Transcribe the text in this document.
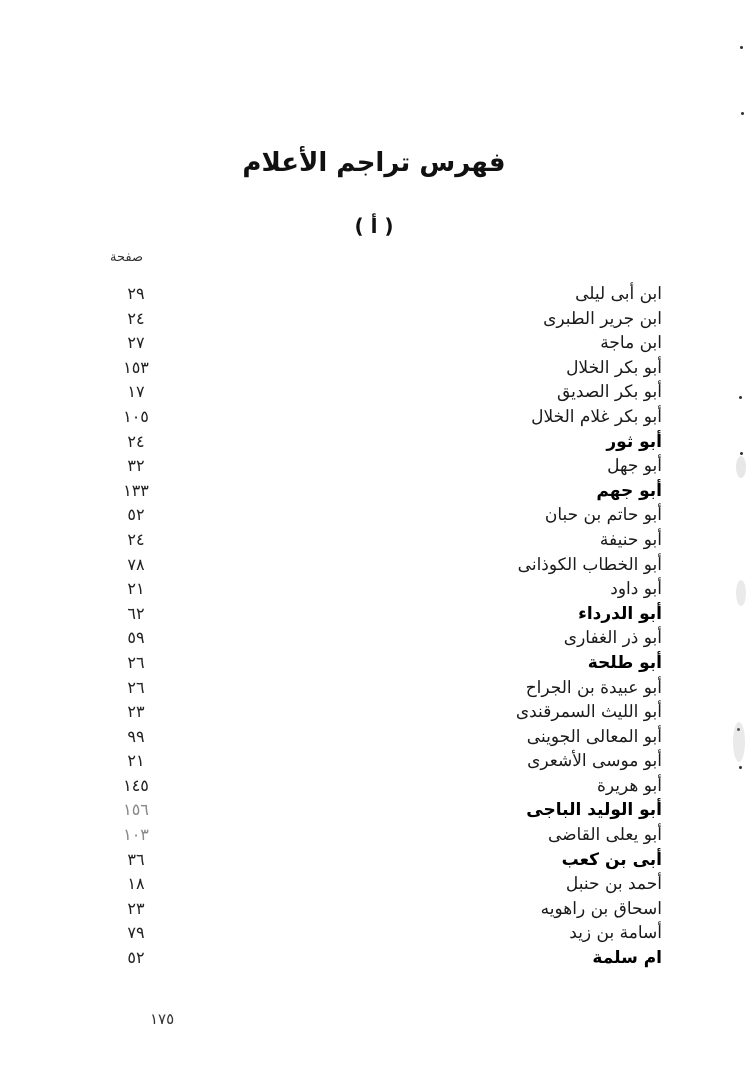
فهرس تراجم الأعلام
( أ )
صفحة
ابن أبى ليلى
٢٩
ابن جرير الطبرى
٢٤
ابن ماجة
٢٧
أبو بكر الخلال
١٥٣
أبو بكر الصديق
١٧
أبو بكر غلام الخلال
١٠٥
أبو ثور
٢٤
أبو جهل
٣٢
أبو جهم
١٣٣
أبو حاتم بن حبان
٥٢
أبو حنيفة
٢٤
أبو الخطاب الكوذانى
٧٨
أبو داود
٢١
أبو الدرداء
٦٢
أبو ذر الغفارى
٥٩
أبو طلحة
٢٦
أبو عبيدة بن الجراح
٢٦
أبو الليث السمرقندى
٢٣
أبو المعالى الجوينى
٩٩
أبو موسى الأشعرى
٢١
أبو هريرة
١٤٥
أبو الوليد الباجى
١٥٦
أبو يعلى القاضى
١٠٣
أبى بن كعب
٣٦
أحمد بن حنبل
١٨
اسحاق بن راهويه
٢٣
أسامة بن زيد
٧٩
ام سلمة
٥٢
١٧٥
